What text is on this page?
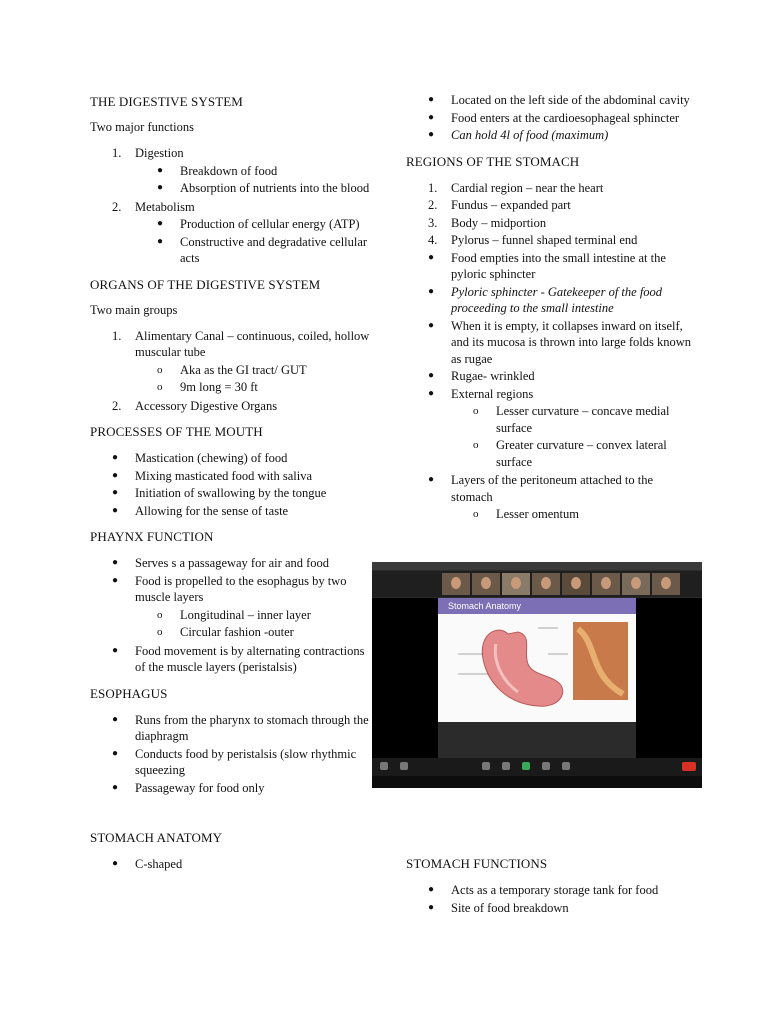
THE DIGESTIVE SYSTEM
Two major functions
1. Digestion
● Breakdown of food
● Absorption of nutrients into the blood
2. Metabolism
● Production of cellular energy (ATP)
● Constructive and degradative cellular acts
ORGANS OF THE DIGESTIVE SYSTEM
Two main groups
1. Alimentary Canal – continuous, coiled, hollow muscular tube
o Aka as the GI tract/ GUT
o 9m long = 30 ft
2. Accessory Digestive Organs
PROCESSES OF THE MOUTH
● Mastication (chewing) of food
● Mixing masticated food with saliva
● Initiation of swallowing by the tongue
● Allowing for the sense of taste
PHAYNX FUNCTION
● Serves s a passageway for air and food
● Food is propelled to the esophagus by two muscle layers
o Longitudinal – inner layer
o Circular fashion -outer
● Food movement is by alternating contractions of the muscle layers (peristalsis)
ESOPHAGUS
● Runs from the pharynx to stomach through the diaphragm
● Conducts food by peristalsis (slow rhythmic squeezing
● Passageway for food only
STOMACH ANATOMY
● C-shaped
● Located on the left side of the abdominal cavity
● Food enters at the cardioesophageal sphincter
● Can hold 4l of food (maximum)
REGIONS OF THE STOMACH
1. Cardial region – near the heart
2. Fundus – expanded part
3. Body – midportion
4. Pylorus – funnel shaped terminal end
● Food empties into the small intestine at the pyloric sphincter
● Pyloric sphincter - Gatekeeper of the food proceeding to the small intestine
● When it is empty, it collapses inward on itself, and its mucosa is thrown into large folds known as rugae
● Rugae- wrinkled
● External regions
o Lesser curvature – concave medial surface
o Greater curvature – convex lateral surface
● Layers of the peritoneum attached to the stomach
o Lesser omentum
Stomach Anatomy
STOMACH FUNCTIONS
● Acts as a temporary storage tank for food
● Site of food breakdown
